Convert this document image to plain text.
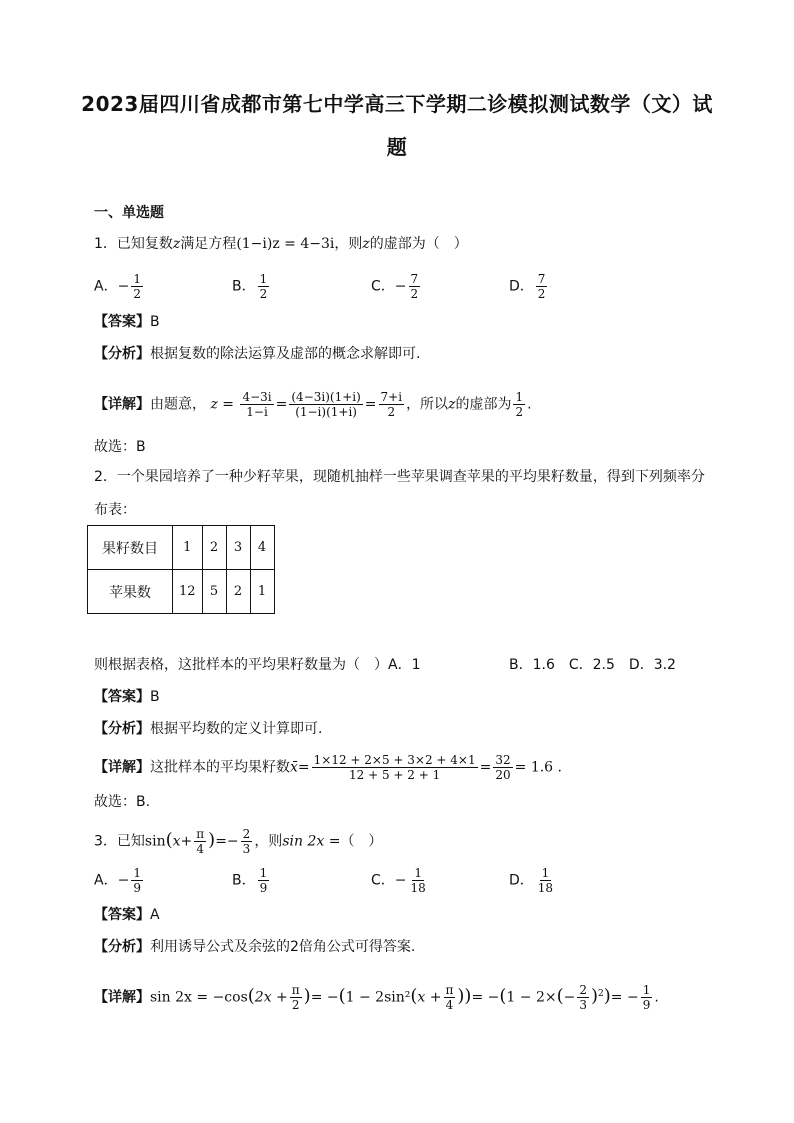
2023届四川省成都市第七中学高三下学期二诊模拟测试数学（文）试
题
一、单选题
1．已知复数z满足方程(1−i)z = 4−3i，则z的虚部为（　）
A．− $\frac{1}{2}$	B． $\frac{1}{2}$	C．− $\frac{7}{2}$	D． $\frac{7}{2}$
【答案】B
【分析】根据复数的除法运算及虚部的概念求解即可.
【详解】由题意， $z = \frac{4-3i}{1-i} = \frac{(4-3i)(1+i)}{(1-i)(1+i)} = \frac{7+i}{2}$ ，所以z的虚部为 $\frac{1}{2}$ .
故选：B
2．一个果园培养了一种少籽苹果，现随机抽样一些苹果调查苹果的平均果籽数量，得到下列频率分
布表：
果籽数目	1	2	3	4
苹果数	12	5	2	1
则根据表格，这批样本的平均果籽数量为（　）A．1	B．1.6　C．2.5　D．3.2
【答案】B
【分析】根据平均数的定义计算即可.
【详解】这批样本的平均果籽数x̄= $\frac{1\times 12 + 2\times 5 + 3\times 2 + 4\times 1}{12 + 5 + 2 + 1} = \frac{32}{20} = 1.6$ .
故选：B.
3．已知$\sin(x+ \frac{\pi}{4}$ )=− $\frac{2}{3}$ ，则sin 2x =（　）
A．− $\frac{1}{9}$	B． $\frac{1}{9}$	C．− $\frac{1}{18}$	D． $\frac{1}{18}$
【答案】A
【分析】利用诱导公式及余弦的2倍角公式可得答案.
【详解】$\sin 2x = -\cos(2x + \frac{\pi}{2}$ )= $-(1 - 2\sin^2(x + \frac{\pi}{4}$ ))= $-(1 - 2\times(- \frac{2}{3} )^2)= - \frac{1}{9}$ .
